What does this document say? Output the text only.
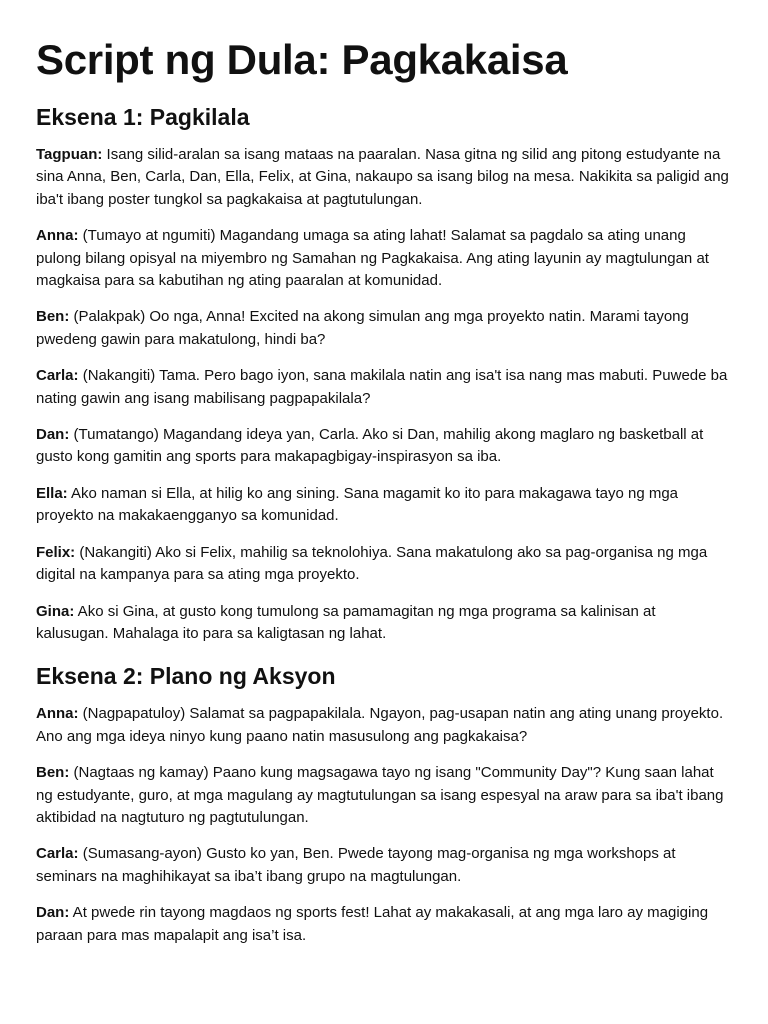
Script ng Dula: Pagkakaisa
Eksena 1: Pagkilala

Tagpuan: Isang silid-aralan sa isang mataas na paaralan. Nasa gitna ng silid ang pitong estudyante na sina Anna, Ben, Carla, Dan, Ella, Felix, at Gina, nakaupo sa isang bilog na mesa. Nakikita sa paligid ang iba't ibang poster tungkol sa pagkakaisa at pagtutulungan.

Anna: (Tumayo at ngumiti) Magandang umaga sa ating lahat! Salamat sa pagdalo sa ating unang pulong bilang opisyal na miyembro ng Samahan ng Pagkakaisa. Ang ating layunin ay magtulungan at magkaisa para sa kabutihan ng ating paaralan at komunidad.

Ben: (Palakpak) Oo nga, Anna! Excited na akong simulan ang mga proyekto natin. Marami tayong pwedeng gawin para makatulong, hindi ba?

Carla: (Nakangiti) Tama. Pero bago iyon, sana makilala natin ang isa't isa nang mas mabuti. Puwede ba nating gawin ang isang mabilisang pagpapakilala?

Dan: (Tumatango) Magandang ideya yan, Carla. Ako si Dan, mahilig akong maglaro ng basketball at gusto kong gamitin ang sports para makapagbigay-inspirasyon sa iba.

Ella: Ako naman si Ella, at hilig ko ang sining. Sana magamit ko ito para makagawa tayo ng mga proyekto na makakaengganyo sa komunidad.

Felix: (Nakangiti) Ako si Felix, mahilig sa teknolohiya. Sana makatulong ako sa pag-organisa ng mga digital na kampanya para sa ating mga proyekto.

Gina: Ako si Gina, at gusto kong tumulong sa pamamagitan ng mga programa sa kalinisan at kalusugan. Mahalaga ito para sa kaligtasan ng lahat.

Eksena 2: Plano ng Aksyon

Anna: (Nagpapatuloy) Salamat sa pagpapakilala. Ngayon, pag-usapan natin ang ating unang proyekto. Ano ang mga ideya ninyo kung paano natin masusulong ang pagkakaisa?

Ben: (Nagtaas ng kamay) Paano kung magsagawa tayo ng isang "Community Day"? Kung saan lahat ng estudyante, guro, at mga magulang ay magtutulungan sa isang espesyal na araw para sa iba't ibang aktibidad na nagtuturo ng pagtutulungan.

Carla: (Sumasang-ayon) Gusto ko yan, Ben. Pwede tayong mag-organisa ng mga workshops at seminars na maghihikayat sa iba’t ibang grupo na magtulungan.

Dan: At pwede rin tayong magdaos ng sports fest! Lahat ay makakasali, at ang mga laro ay magiging paraan para mas mapalapit ang isa’t isa.
